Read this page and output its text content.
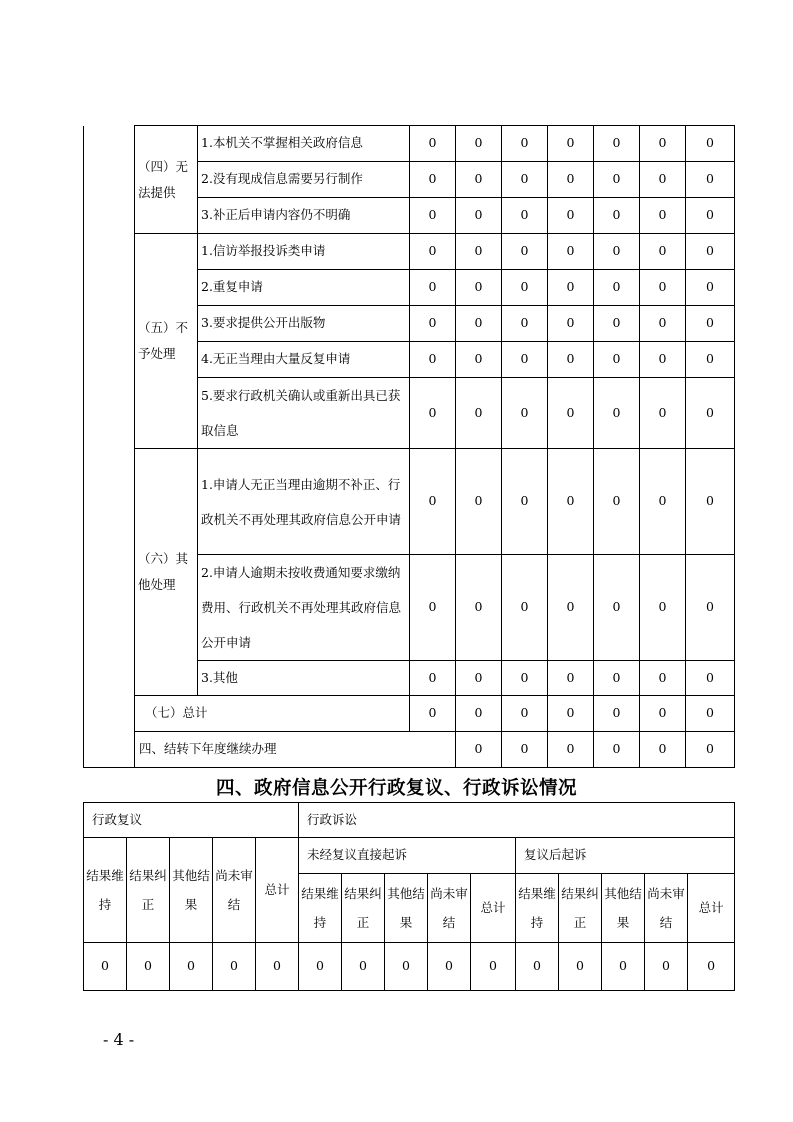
	（四）无法提供	1.本机关不掌握相关政府信息	0	0	0	0	0	0	0	
		2.没有现成信息需要另行制作	0	0	0	0	0	0	0	
		3.补正后申请内容仍不明确	0	0	0	0	0	0	0	
	（五）不予处理	1.信访举报投诉类申请	0	0	0	0	0	0	0	
		2.重复申请	0	0	0	0	0	0	0	
		3.要求提供公开出版物	0	0	0	0	0	0	0	
		4.无正当理由大量反复申请	0	0	0	0	0	0	0	
		5.要求行政机关确认或重新出具已获取信息	0	0	0	0	0	0	0	
	（六）其他处理	1.申请人无正当理由逾期不补正、行政机关不再处理其政府信息公开申请	0	0	0	0	0	0	0	
		2.申请人逾期未按收费通知要求缴纳费用、行政机关不再处理其政府信息公开申请	0	0	0	0	0	0	0	
		3.其他	0	0	0	0	0	0	0	
	（七）总计		0	0	0	0	0	0	0	
	四、结转下年度继续办理			0	0	0	0	0	0	
四、政府信息公开行政复议、行政诉讼情况
行政复议					行政诉讼									
结果维持	结果纠正	其他结果	尚未审结	总计	未经复议直接起诉					复议后起诉				
					结果维持	结果纠正	其他结果	尚未审结	总计	结果维持	结果纠正	其他结果	尚未审结	总计
0	0	0	0	0	0	0	0	0	0	0	0	0	0	0
- 4 -
